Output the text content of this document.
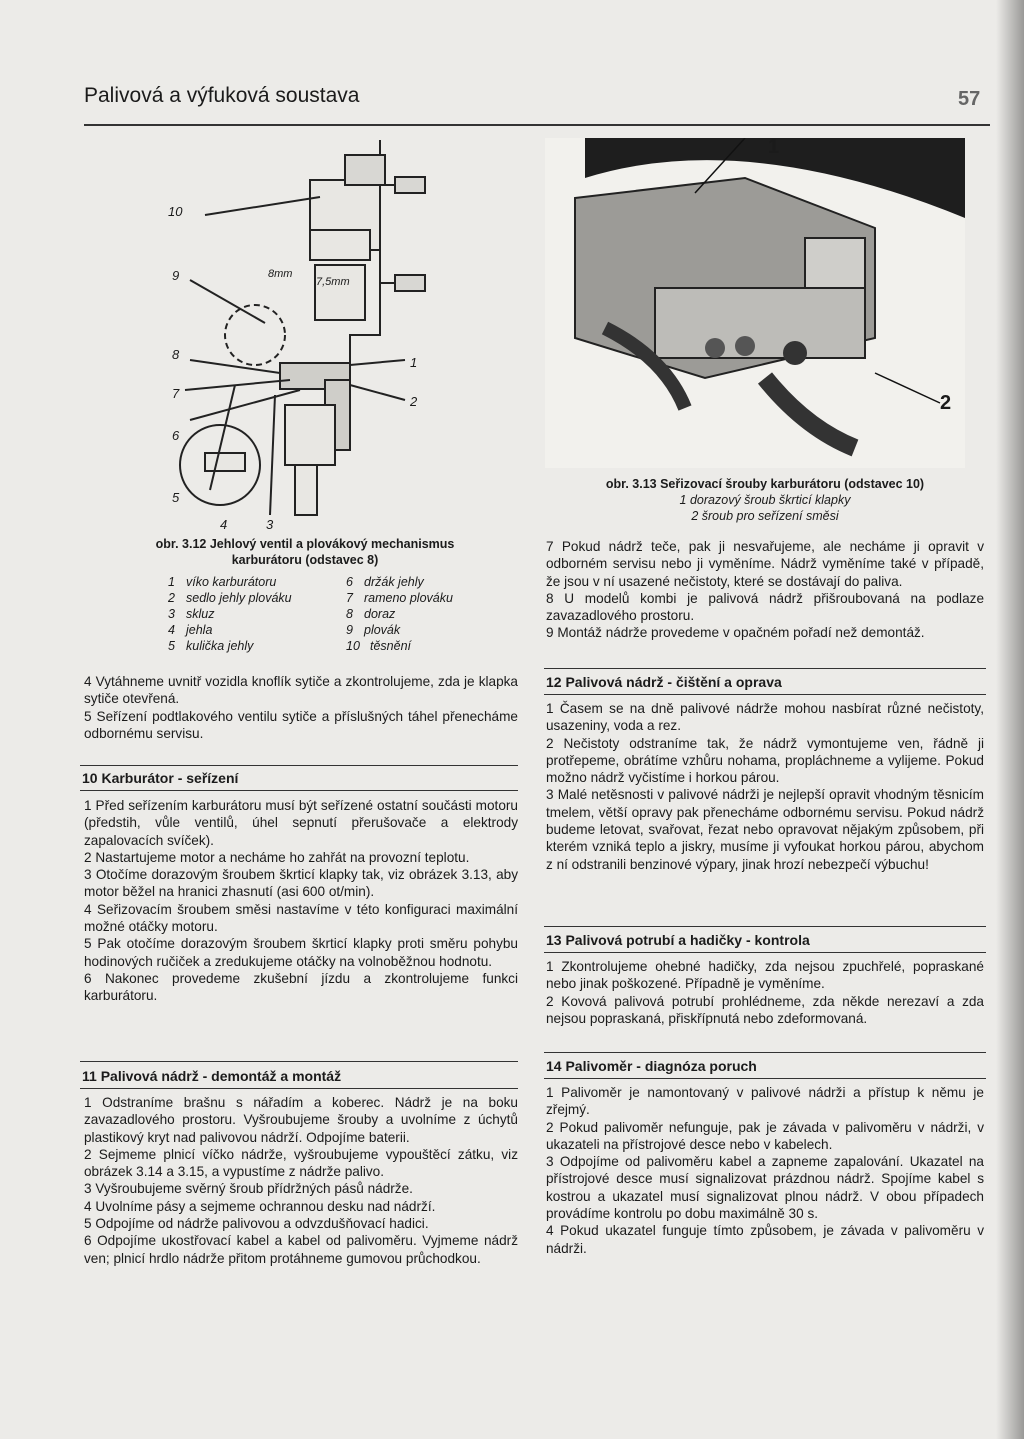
Palivová a výfuková soustava	57
10
9
8
7
6
5
4	3
1
2
8mm
7,5mm
obr. 3.12 Jehlový ventil a plovákový mechanismus
karburátoru (odstavec 8)
1 víko karburátoru
2 sedlo jehly plováku
3 skluz
4 jehla
5 kulička jehly
6 držák jehly
7 rameno plováku
8 doraz
9 plovák
10 těsnění
1
2
obr. 3.13 Seřizovací šrouby karburátoru (odstavec 10)
1 dorazový šroub škrticí klapky
2 šroub pro seřízení směsi

4 Vytáhneme uvnitř vozidla knoflík sytiče a zkontrolujeme, zda je klapka sytiče otevřená.

5 Seřízení podtlakového ventilu sytiče a příslušných táhel přenecháme odbornému servisu.

10 Karburátor - seřízení

1 Před seřízením karburátoru musí být seřízené ostatní součásti motoru (předstih, vůle ventilů, úhel sepnutí přerušovače a elektrody zapalovacích svíček).

2 Nastartujeme motor a necháme ho zahřát na provozní teplotu.

3 Otočíme dorazovým šroubem škrticí klapky tak, viz obrázek 3.13, aby motor běžel na hranici zhasnutí (asi 600 ot/min).

4 Seřizovacím šroubem směsi nastavíme v této konfiguraci maximální možné otáčky motoru.

5 Pak otočíme dorazovým šroubem škrticí klapky proti směru pohybu hodinových ručiček a zredukujeme otáčky na volnoběžnou hodnotu.

6 Nakonec provedeme zkušební jízdu a zkontrolujeme funkci karburátoru.

11 Palivová nádrž - demontáž a montáž

1 Odstraníme brašnu s nářadím a koberec. Nádrž je na boku zavazadlového prostoru. Vyšroubujeme šrouby a uvolníme z úchytů plastikový kryt nad palivovou nádrží. Odpojíme baterii.

2 Sejmeme plnicí víčko nádrže, vyšroubujeme vypouštěcí zátku, viz obrázek 3.14 a 3.15, a vypustíme z nádrže palivo.

3 Vyšroubujeme svěrný šroub přídržných pásů nádrže.

4 Uvolníme pásy a sejmeme ochrannou desku nad nádrží.

5 Odpojíme od nádrže palivovou a odvzdušňovací hadici.

6 Odpojíme ukostřovací kabel a kabel od palivoměru. Vyjmeme nádrž ven; plnicí hrdlo nádrže přitom protáhneme gumovou průchodkou.

7 Pokud nádrž teče, pak ji nesvařujeme, ale necháme ji opravit v odborném servisu nebo ji vyměníme. Nádrž vyměníme také v případě, že jsou v ní usazené nečistoty, které se dostávají do paliva.

8 U modelů kombi je palivová nádrž přišroubovaná na podlaze zavazadlového prostoru.

9 Montáž nádrže provedeme v opačném pořadí než demontáž.

12 Palivová nádrž - čištění a oprava

1 Časem se na dně palivové nádrže mohou nasbírat různé nečistoty, usazeniny, voda a rez.

2 Nečistoty odstraníme tak, že nádrž vymontujeme ven, řádně ji protřepeme, obrátíme vzhůru nohama, propláchneme a vylijeme. Pokud možno nádrž vyčistíme i horkou párou.

3 Malé netěsnosti v palivové nádrži je nejlepší opravit vhodným těsnicím tmelem, větší opravy pak přenecháme odbornému servisu. Pokud nádrž budeme letovat, svařovat, řezat nebo opravovat nějakým způsobem, při kterém vzniká teplo a jiskry, musíme ji vyfoukat horkou párou, abychom z ní odstranili benzinové výpary, jinak hrozí nebezpečí výbuchu!

13 Palivová potrubí a hadičky - kontrola

1 Zkontrolujeme ohebné hadičky, zda nejsou zpuchřelé, popraskané nebo jinak poškozené. Případně je vyměníme.

2 Kovová palivová potrubí prohlédneme, zda někde nerezaví a zda nejsou popraskaná, přiskřípnutá nebo zdeformovaná.

14 Palivoměr - diagnóza poruch

1 Palivoměr je namontovaný v palivové nádrži a přístup k němu je zřejmý.

2 Pokud palivoměr nefunguje, pak je závada v palivoměru v nádrži, v ukazateli na přístrojové desce nebo v kabelech.

3 Odpojíme od palivoměru kabel a zapneme zapalování. Ukazatel na přístrojové desce musí signalizovat prázdnou nádrž. Spojíme kabel s kostrou a ukazatel musí signalizovat plnou nádrž. V obou případech provádíme kontrolu po dobu maximálně 30 s.

4 Pokud ukazatel funguje tímto způsobem, je závada v palivoměru v nádrži.
